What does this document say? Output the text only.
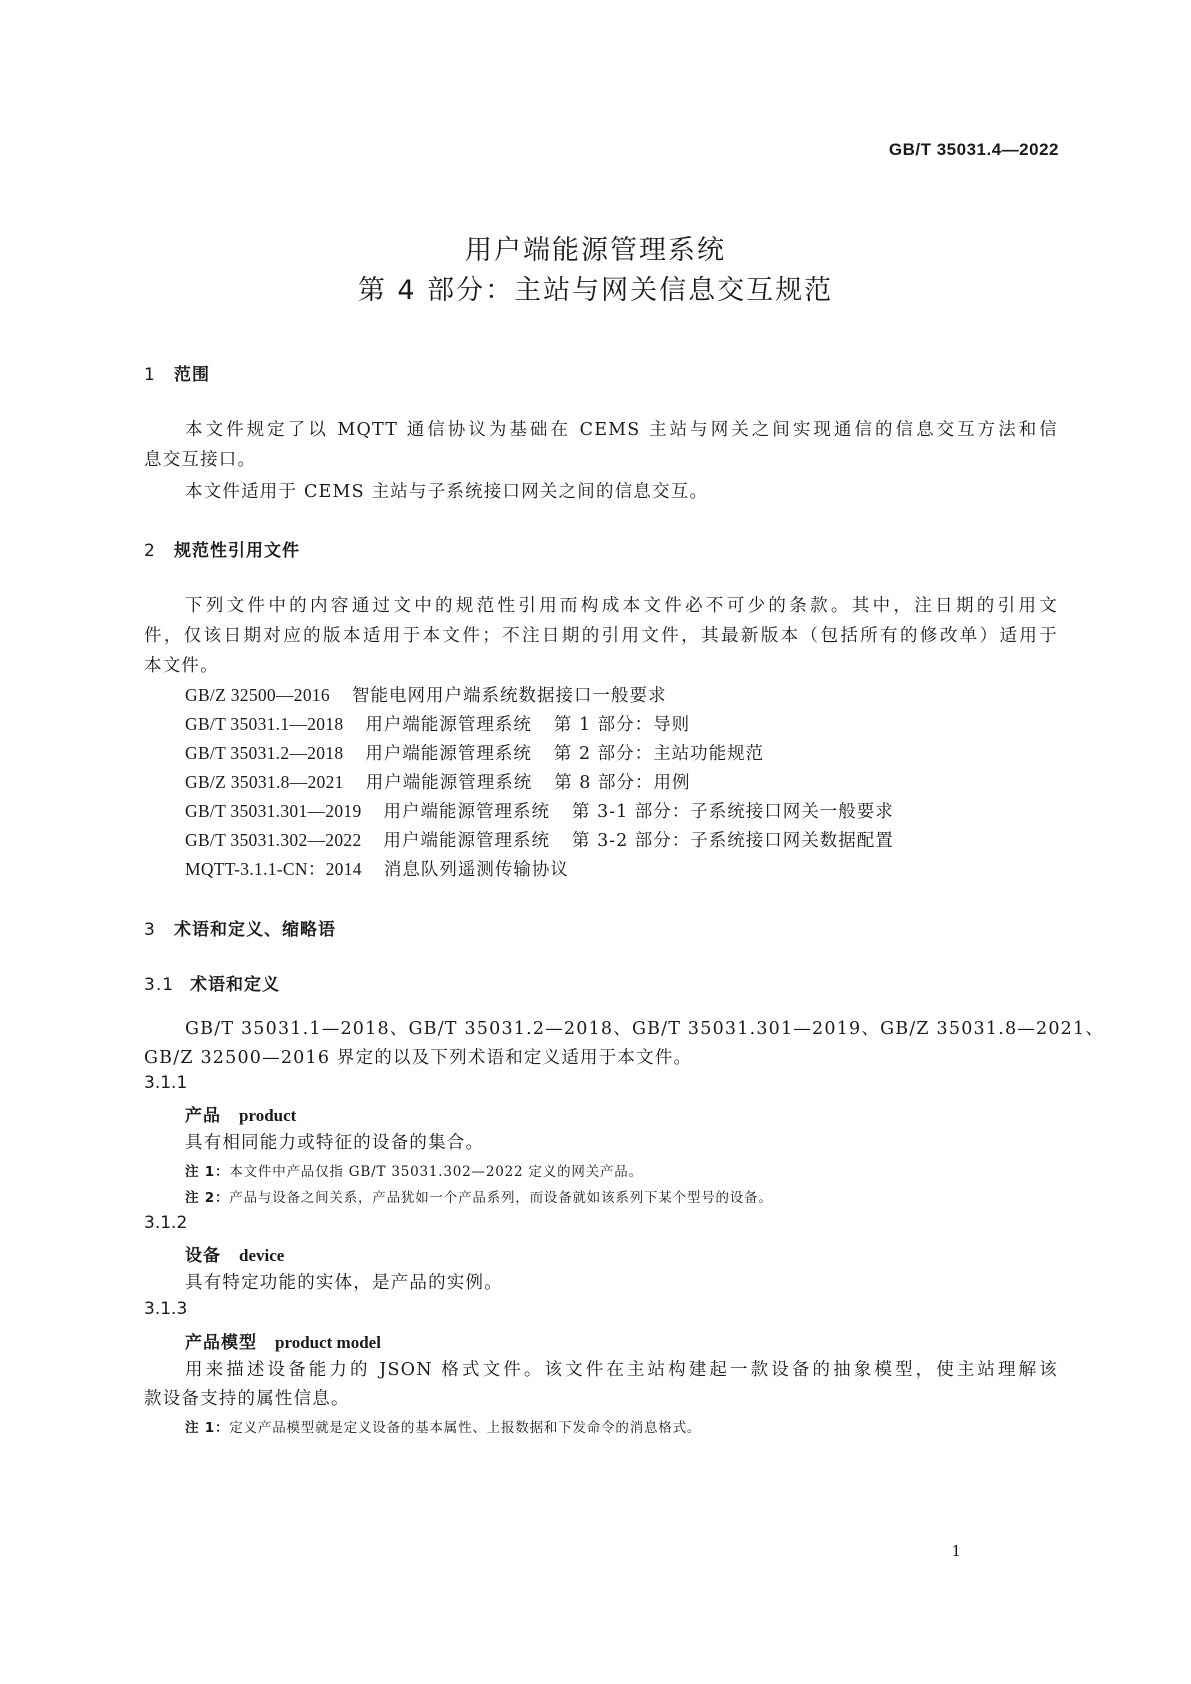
GB/T 35031.4—2022
用户端能源管理系统
第 4 部分：主站与网关信息交互规范
1 范围
本文件规定了以 MQTT 通信协议为基础在 CEMS 主站与网关之间实现通信的信息交互方法和信
息交互接口。
本文件适用于 CEMS 主站与子系统接口网关之间的信息交互。
2 规范性引用文件
下列文件中的内容通过文中的规范性引用而构成本文件必不可少的条款。其中，注日期的引用文
件，仅该日期对应的版本适用于本文件；不注日期的引用文件，其最新版本（包括所有的修改单）适用于
本文件。
GB/Z 32500—2016 智能电网用户端系统数据接口一般要求
GB/T 35031.1—2018 用户端能源管理系统 第 1 部分：导则
GB/T 35031.2—2018 用户端能源管理系统 第 2 部分：主站功能规范
GB/Z 35031.8—2021 用户端能源管理系统 第 8 部分：用例
GB/T 35031.301—2019 用户端能源管理系统 第 3-1 部分：子系统接口网关一般要求
GB/T 35031.302—2022 用户端能源管理系统 第 3-2 部分：子系统接口网关数据配置
MQTT-3.1.1-CN：2014 消息队列遥测传输协议
3 术语和定义、缩略语
3.1 术语和定义
GB/T 35031.1—2018、GB/T 35031.2—2018、GB/T 35031.301—2019、GB/Z 35031.8—2021、
GB/Z 32500—2016 界定的以及下列术语和定义适用于本文件。
3.1.1
产品 product
具有相同能力或特征的设备的集合。
注 1：本文件中产品仅指 GB/T 35031.302—2022 定义的网关产品。
注 2：产品与设备之间关系，产品犹如一个产品系列，而设备就如该系列下某个型号的设备。
3.1.2
设备 device
具有特定功能的实体，是产品的实例。
3.1.3
产品模型 product model
用来描述设备能力的 JSON 格式文件。该文件在主站构建起一款设备的抽象模型，使主站理解该
款设备支持的属性信息。
注 1：定义产品模型就是定义设备的基本属性、上报数据和下发命令的消息格式。
1
